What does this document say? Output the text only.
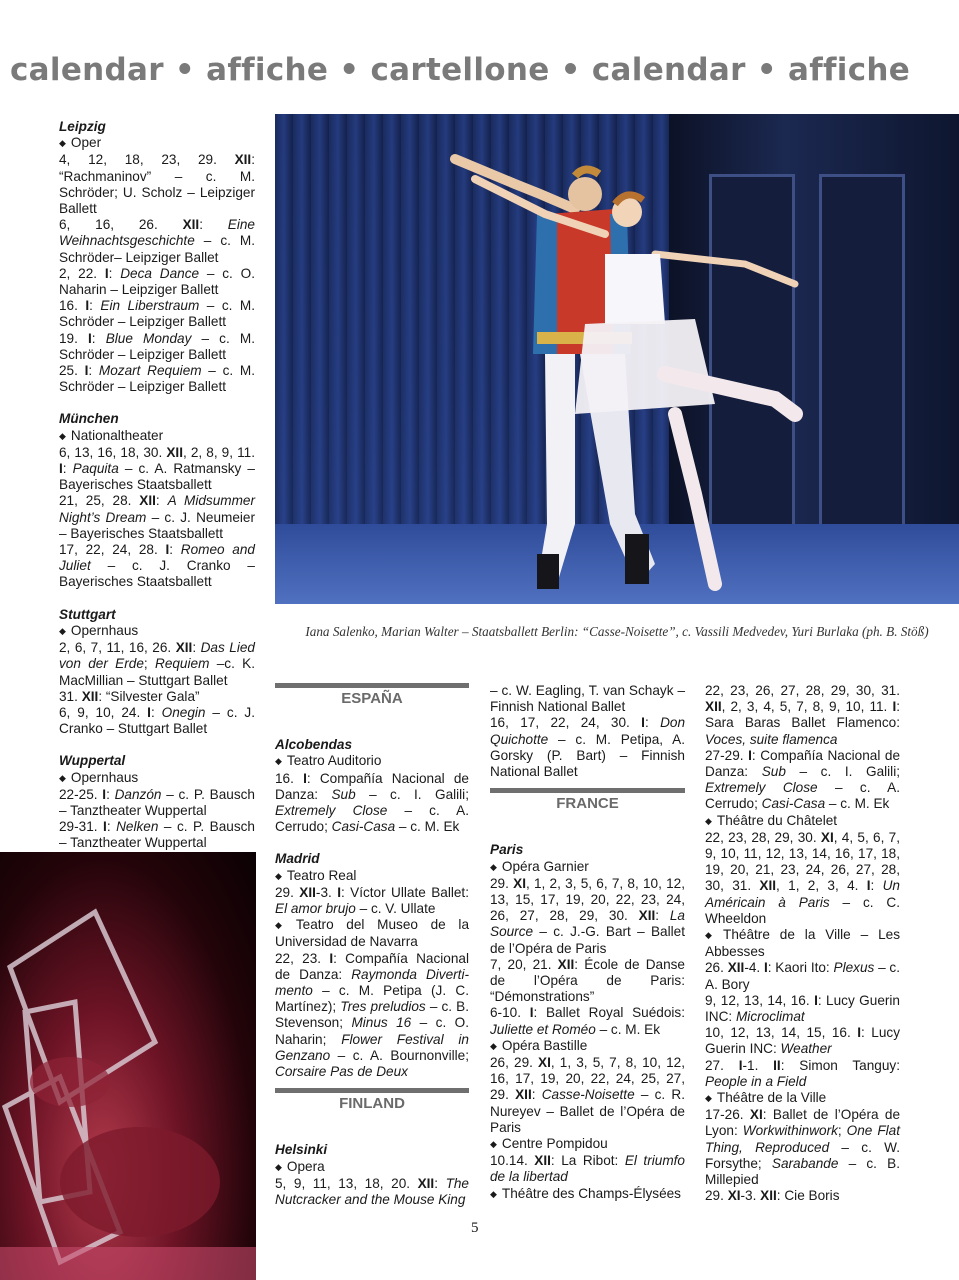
calendar • affiche • cartellone • calendar • affiche

Leipzig

◆ Oper

4, 12, 18, 23, 29. XII: “Rachmaninov” – c. M. Schröder; U. Scholz – Leipziger Ballett

6, 16, 26. XII: Eine Weihnachtsgeschichte – c. M. Schröder– Leipziger Ballet

2, 22. I: Deca Dance – c. O. Naharin – Leipziger Ballett

16. I: Ein Liberstraum – c. M. Schröder – Leipziger Ballett

19. I: Blue Monday – c. M. Schröder – Leipziger Ballett

25. I: Mozart Requiem – c. M. Schröder – Leipziger Ballett

München

◆ Nationaltheater

6, 13, 16, 18, 30. XII, 2, 8, 9, 11. I: Paquita – c. A. Ratmansky – Bayerisches Staatsballett

21, 25, 28. XII: A Midsummer Night’s Dream – c. J. Neumeier – Bayerisches Staatsballett

17, 22, 24, 28. I: Romeo and Juliet – c. J. Cranko – Bayerisches Staatsballett

Stuttgart

◆ Opernhaus

2, 6, 7, 11, 16, 26. XII: Das Lied von der Erde; Requiem –c. K. MacMillian – Stuttgart Ballet

31. XII: “Silvester Gala”

6, 9, 10, 24. I: Onegin – c. J. Cranko – Stuttgart Ballet

Wuppertal

◆ Opernhaus

22-25. I: Danzón – c. P. Bausch – Tanztheater Wuppertal

29-31. I: Nelken – c. P. Bausch – Tanztheater Wuppertal

Iana Salenko, Marian Walter – Staatsballett Berlin: “Casse-Noisette”, c. Vassili Medvedev, Yuri Burlaka (ph. B. Stöß)
ESPAÑA

Alcobendas

◆ Teatro Auditorio

16. I: Compañía Nacional de Danza: Sub – c. I. Galili; Extremely Close – c. A. Cerrudo; Casi-Casa – c. M. Ek

Madrid

◆ Teatro Real

29. XII-3. I: Víctor Ullate Ballet: El amor brujo – c. V. Ullate

◆ Teatro del Museo de la Universidad de Navarra

22, 23. I: Compañía Nacional de Danza: Raymonda Diverti-mento – c. M. Petipa (J. C. Martínez); Tres preludios – c. B. Stevenson; Minus 16 – c. O. Naharin; Flower Festival in Genzano – c. A. Bournonville; Corsaire Pas de Deux

FINLAND

Helsinki

◆ Opera

5, 9, 11, 13, 18, 20. XII: The Nutcracker and the Mouse King

– c. W. Eagling, T. van Schayk – Finnish National Ballet

16, 17, 22, 24, 30. I: Don Quichotte – c. M. Petipa, A. Gorsky (P. Bart) – Finnish National Ballet

FRANCE

Paris

◆ Opéra Garnier

29. XI, 1, 2, 3, 5, 6, 7, 8, 10, 12, 13, 15, 17, 19, 20, 22, 23, 24, 26, 27, 28, 29, 30. XII: La Source – c. J.-G. Bart – Ballet de l’Opéra de Paris

7, 20, 21. XII: École de Danse de l’Opéra de Paris: “Démonstrations”

6-10. I: Ballet Royal Suédois: Juliette et Roméo – c. M. Ek

◆ Opéra Bastille

26, 29. XI, 1, 3, 5, 7, 8, 10, 12, 16, 17, 19, 20, 22, 24, 25, 27, 29. XII: Casse-Noisette – c. R. Nureyev – Ballet de l’Opéra de Paris

◆ Centre Pompidou

10.14. XII: La Ribot: El triumfo de la libertad

◆ Théâtre des Champs-Élysées

22, 23, 26, 27, 28, 29, 30, 31. XII, 2, 3, 4, 5, 7, 8, 9, 10, 11. I: Sara Baras Ballet Flamenco: Voces, suite flamenca

27-29. I: Compañía Nacional de Danza: Sub – c. I. Galili; Extremely Close – c. A. Cerrudo; Casi-Casa – c. M. Ek

◆ Théâtre du Châtelet

22, 23, 28, 29, 30. XI, 4, 5, 6, 7, 9, 10, 11, 12, 13, 14, 16, 17, 18, 19, 20, 21, 23, 24, 26, 27, 28, 30, 31. XII, 1, 2, 3, 4. I: Un Américain à Paris – c. C. Wheeldon

◆ Théâtre de la Ville – Les Abbesses

26. XII-4. I: Kaori Ito: Plexus – c. A. Bory

9, 12, 13, 14, 16. I: Lucy Guerin INC: Microclimat

10, 12, 13, 14, 15, 16. I: Lucy Guerin INC: Weather

27. I-1. II: Simon Tanguy: People in a Field

◆ Théâtre de la Ville

17-26. XI: Ballet de l’Opéra de Lyon: Workwithinwork; One Flat Thing, Reproduced – c. W. Forsythe; Sarabande – c. B. Millepied

29. XI-3. XII: Cie Boris

5
